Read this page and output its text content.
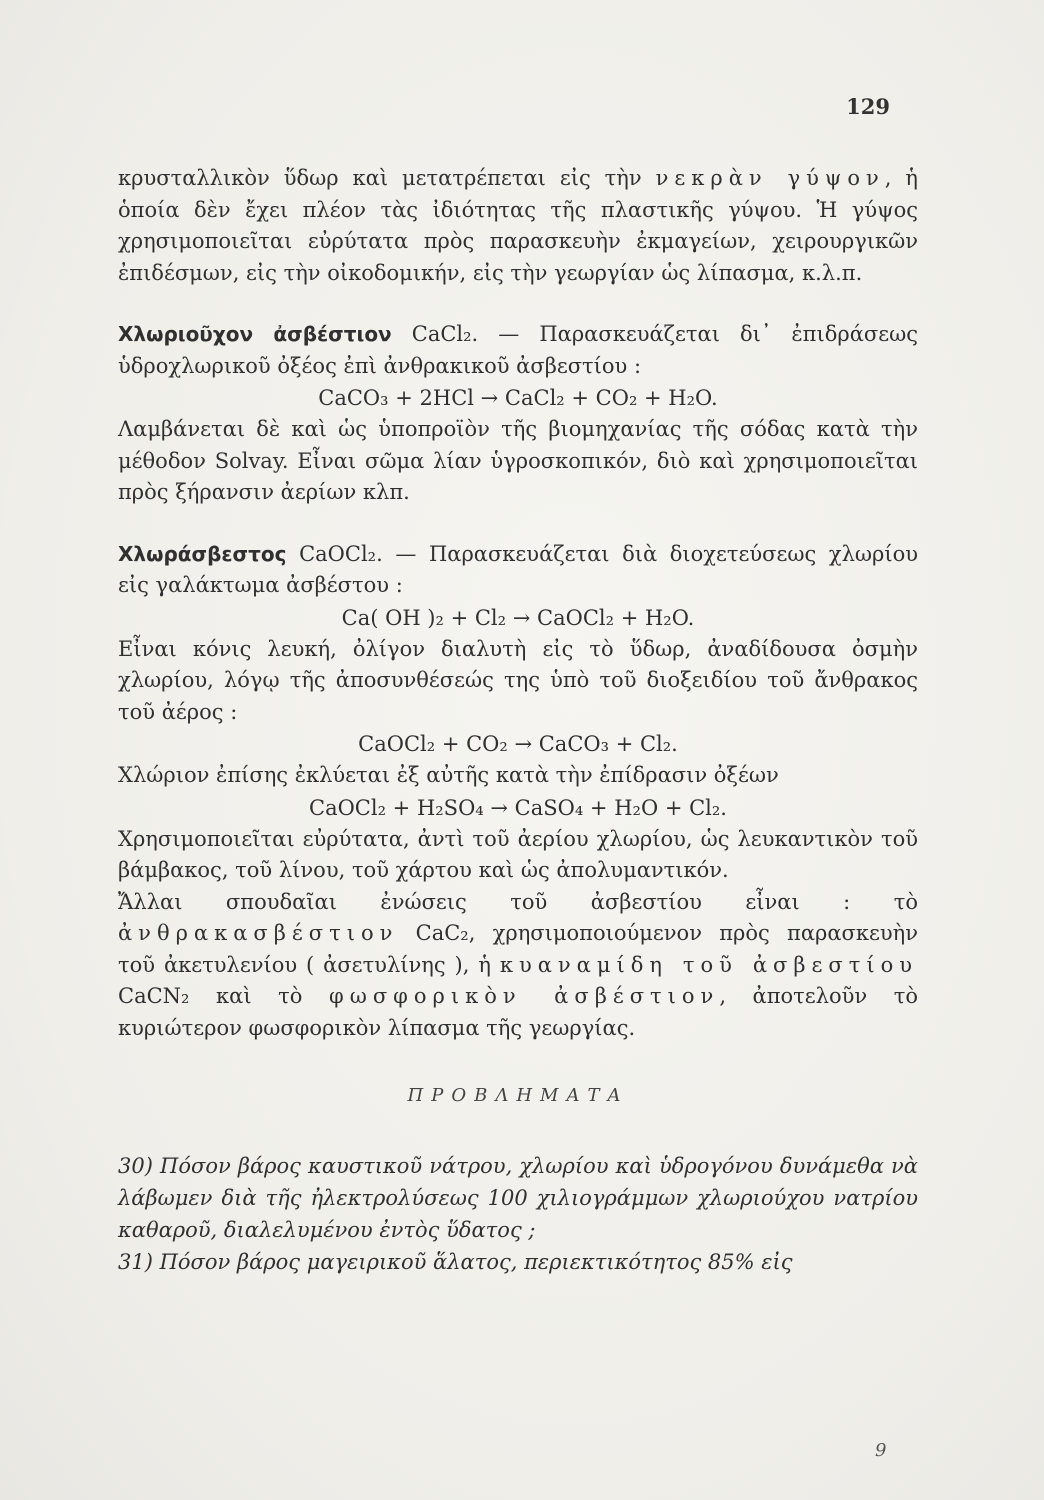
129

κρυσταλλικὸν ὕδωρ καὶ μετατρέπεται εἰς τὴν νεκρὰν γύψον, ἡ ὁποία δὲν ἔχει πλέον τὰς ἰδιότητας τῆς πλαστικῆς γύψου. Ἡ γύψος χρησιμοποιεῖται εὐρύτατα πρὸς παρασκευὴν ἐκμαγείων, χειρουργικῶν ἐπιδέσμων, εἰς τὴν οἰκοδομικήν, εἰς τὴν γεωργίαν ὡς λίπασμα, κ.λ.π.

Χλωριοῦχον ἀσβέστιον CaCl₂. — Παρασκευάζεται δι᾽ ἐπιδράσεως ὑδροχλωρικοῦ ὀξέος ἐπὶ ἀνθρακικοῦ ἀσβεστίου :

CaCO₃ + 2HCl → CaCl₂ + CO₂ + H₂O.

Λαμβάνεται δὲ καὶ ὡς ὑποπροϊὸν τῆς βιομηχανίας τῆς σόδας κατὰ τὴν μέθοδον Solvay. Εἶναι σῶμα λίαν ὑγροσκοπικόν, διὸ καὶ χρησιμοποιεῖται πρὸς ξήρανσιν ἀερίων κλπ.

Χλωράσβεστος CaOCl₂. — Παρασκευάζεται διὰ διοχετεύσεως χλωρίου εἰς γαλάκτωμα ἀσβέστου :

Ca( OH )₂ + Cl₂ → CaOCl₂ + H₂O.

Εἶναι κόνις λευκή, ὀλίγον διαλυτὴ εἰς τὸ ὕδωρ, ἀναδίδουσα ὀσμὴν χλωρίου, λόγῳ τῆς ἀποσυνθέσεώς της ὑπὸ τοῦ διοξειδίου τοῦ ἄνθρακος τοῦ ἀέρος :

CaOCl₂ + CO₂ → CaCO₃ + Cl₂.

Χλώριον ἐπίσης ἐκλύεται ἐξ αὐτῆς κατὰ τὴν ἐπίδρασιν ὀξέων

CaOCl₂ + H₂SO₄ → CaSO₄ + H₂O + Cl₂.

Χρησιμοποιεῖται εὐρύτατα, ἀντὶ τοῦ ἀερίου χλωρίου, ὡς λευκαντικὸν τοῦ βάμβακος, τοῦ λίνου, τοῦ χάρτου καὶ ὡς ἀπολυμαντικόν.

Ἄλλαι σπουδαῖαι ἐνώσεις τοῦ ἀσβεστίου εἶναι : τὸ ἀνθρακασβέστιον CaC₂, χρησιμοποιούμενον πρὸς παρασκευὴν τοῦ ἀκετυλενίου ( ἀσετυλίνης ), ἡ κυαναμίδη τοῦ ἀσβεστίου CaCN₂ καὶ τὸ φωσφορικὸν ἀσβέστιον, ἀποτελοῦν τὸ κυριώτερον φωσφορικὸν λίπασμα τῆς γεωργίας.

ΠΡΟΒΛΗΜΑΤΑ

30) Πόσον βάρος καυστικοῦ νάτρου, χλωρίου καὶ ὑδρογόνου δυνάμεθα νὰ λάβωμεν διὰ τῆς ἠλεκτρολύσεως 100 χιλιογράμμων χλωριούχου νατρίου καθαροῦ, διαλελυμένου ἐντὸς ὕδατος ;

31) Πόσον βάρος μαγειρικοῦ ἅλατος, περιεκτικότητος 85% εἰς

9
